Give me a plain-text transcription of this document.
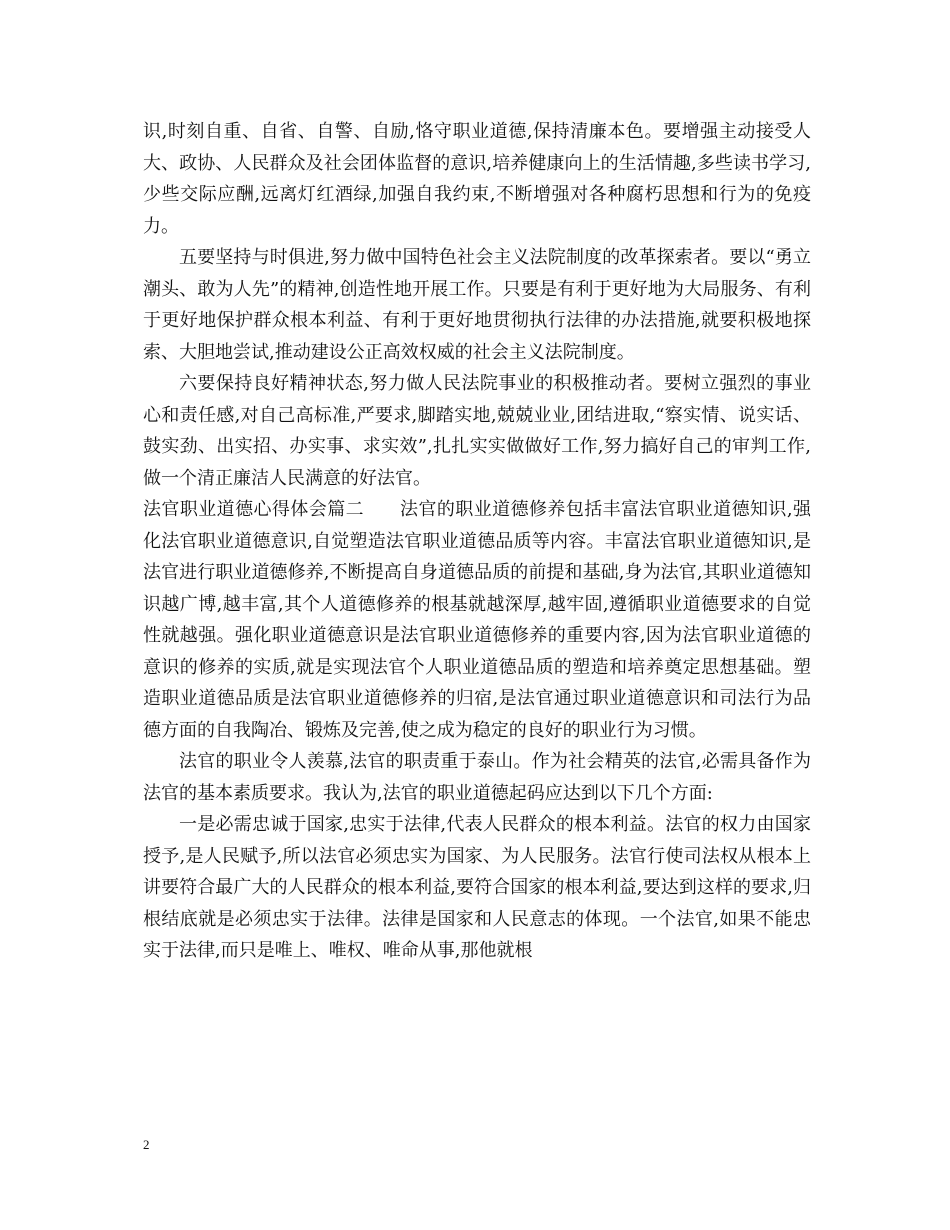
识,时刻自重、自省、自警、自励,恪守职业道德,保持清廉本色。要增强主动接受人大、政协、人民群众及社会团体监督的意识,培养健康向上的生活情趣,多些读书学习,少些交际应酬,远离灯红酒绿,加强自我约束,不断增强对各种腐朽思想和行为的免疫力。

五要坚持与时俱进,努力做中国特色社会主义法院制度的改革探索者。要以“勇立潮头、敢为人先”的精神,创造性地开展工作。只要是有利于更好地为大局服务、有利于更好地保护群众根本利益、有利于更好地贯彻执行法律的办法措施,就要积极地探索、大胆地尝试,推动建设公正高效权威的社会主义法院制度。

六要保持良好精神状态,努力做人民法院事业的积极推动者。要树立强烈的事业心和责任感,对自己高标准,严要求,脚踏实地,兢兢业业,团结进取,“察实情、说实话、鼓实劲、出实招、办实事、求实效”,扎扎实实做做好工作,努力搞好自己的审判工作,做一个清正廉洁人民满意的好法官。

法官职业道德心得体会篇二 法官的职业道德修养包括丰富法官职业道德知识,强化法官职业道德意识,自觉塑造法官职业道德品质等内容。丰富法官职业道德知识,是法官进行职业道德修养,不断提高自身道德品质的前提和基础,身为法官,其职业道德知识越广博,越丰富,其个人道德修养的根基就越深厚,越牢固,遵循职业道德要求的自觉性就越强。强化职业道德意识是法官职业道德修养的重要内容,因为法官职业道德的意识的修养的实质,就是实现法官个人职业道德品质的塑造和培养奠定思想基础。塑造职业道德品质是法官职业道德修养的归宿,是法官通过职业道德意识和司法行为品德方面的自我陶冶、锻炼及完善,使之成为稳定的良好的职业行为习惯。

法官的职业令人羡慕,法官的职责重于泰山。作为社会精英的法官,必需具备作为法官的基本素质要求。我认为,法官的职业道德起码应达到以下几个方面:

一是必需忠诚于国家,忠实于法律,代表人民群众的根本利益。法官的权力由国家授予,是人民赋予,所以法官必须忠实为国家、为人民服务。法官行使司法权从根本上讲要符合最广大的人民群众的根本利益,要符合国家的根本利益,要达到这样的要求,归根结底就是必须忠实于法律。法律是国家和人民意志的体现。一个法官,如果不能忠实于法律,而只是唯上、唯权、唯命从事,那他就根

2
